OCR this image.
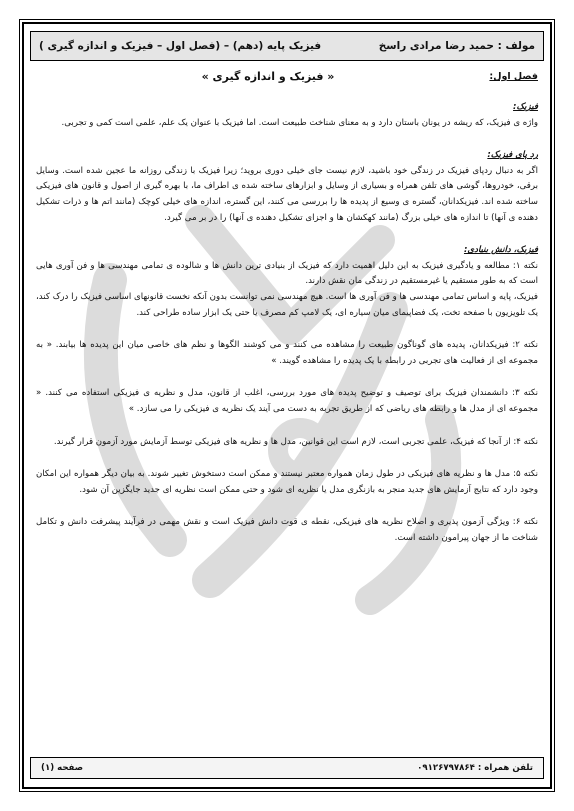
فیزیک پایه (دهم) – (فصل اول – فیزیک و اندازه گیری )	مولف : حمید رضا مرادی راسخ
فصل اول:
« فیزیک و اندازه گیری »

فیزیک:

واژه ی فیزیک، که ریشه در یونان باستان دارد و به معنای شناخت طبیعت است. اما فیزیک با عنوان یک علم، علمی است کمی و تجربی.

رد پای فیزیک:

اگر به دنبال ردپای فیزیک در زندگی خود باشید، لازم نیست جای خیلی دوری بروید؛ زیرا فیزیک با زندگی روزانه ما عجین شده است. وسایل برقی، خودروها، گوشی های تلفن همراه و بسیاری از وسایل و ابزارهای ساخته شده ی اطراف ما، با بهره گیری از اصول و قانون های فیزیکی ساخته شده اند. فیزیکدانان، گستره ی وسیع از پدیده ها را بررسی می کنند، این گستره، اندازه های خیلی کوچک (مانند اتم ها و ذرات تشکیل دهنده ی آنها) تا اندازه های خیلی بزرگ (مانند کهکشان ها و اجزای تشکیل دهنده ی آنها) را در بر می گیرد.

فیزیک، دانش بنیادی:

نکته ۱: مطالعه و یادگیری فیزیک به این دلیل اهمیت دارد که فیزیک از بنیادی ترین دانش ها و شالوده ی تمامی مهندسی ها و فن آوری هایی است که به طور مستقیم یا غیرمستقیم در زندگی مان نقش دارند.

فیزیک، پایه و اساس تمامی مهندسی ها و فن آوری ها است. هیچ مهندسی نمی توانست بدون آنکه نخست قانونهای اساسی فیزیک را درک کند، یک تلویزیون با صفحه تخت، یک فضاپیمای میان سیاره ای، یک لامپ کم مصرف یا حتی یک ابزار ساده طراحی کند.

نکته ۲: فیزیکدانان، پدیده های گوناگون طبیعت را مشاهده می کنند و می کوشند الگوها و نظم های خاصی میان این پدیده ها بیابند. « به مجموعه ای از فعالیت های تجربی در رابطه با یک پدیده را مشاهده گویند. »

نکته ۳: دانشمندان فیزیک برای توصیف و توضیح پدیده های مورد بررسی، اغلب از قانون، مدل و نظریه ی فیزیکی استفاده می کنند. « مجموعه ای از مدل ها و رابطه های ریاضی که از طریق تجربه به دست می آیند یک نظریه ی فیزیکی را می سازد. »

نکته ۴: از آنجا که فیزیک، علمی تجربی است، لازم است این قوانین، مدل ها و نظریه های فیزیکی توسط آزمایش مورد آزمون قرار گیرند.

نکته ۵: مدل ها و نظریه های فیزیکی در طول زمان همواره معتبر نیستند و ممکن است دستخوش تغییر شوند. به بیان دیگر همواره این امکان وجود دارد که نتایج آزمایش های جدید منجر به بازنگری مدل یا نظریه ای شود و حتی ممکن است نظریه ای جدید جایگزین آن شود.

نکته ۶: ویژگی آزمون پذیری و اصلاح نظریه های فیزیکی، نقطه ی قوت دانش فیزیک است و نقش مهمی در فرآیند پیشرفت دانش و تکامل شناخت ما از جهان پیرامون داشته است.

تلفن همراه : ۰۹۱۲۶۷۹۷۸۶۴
صفحه (۱)
